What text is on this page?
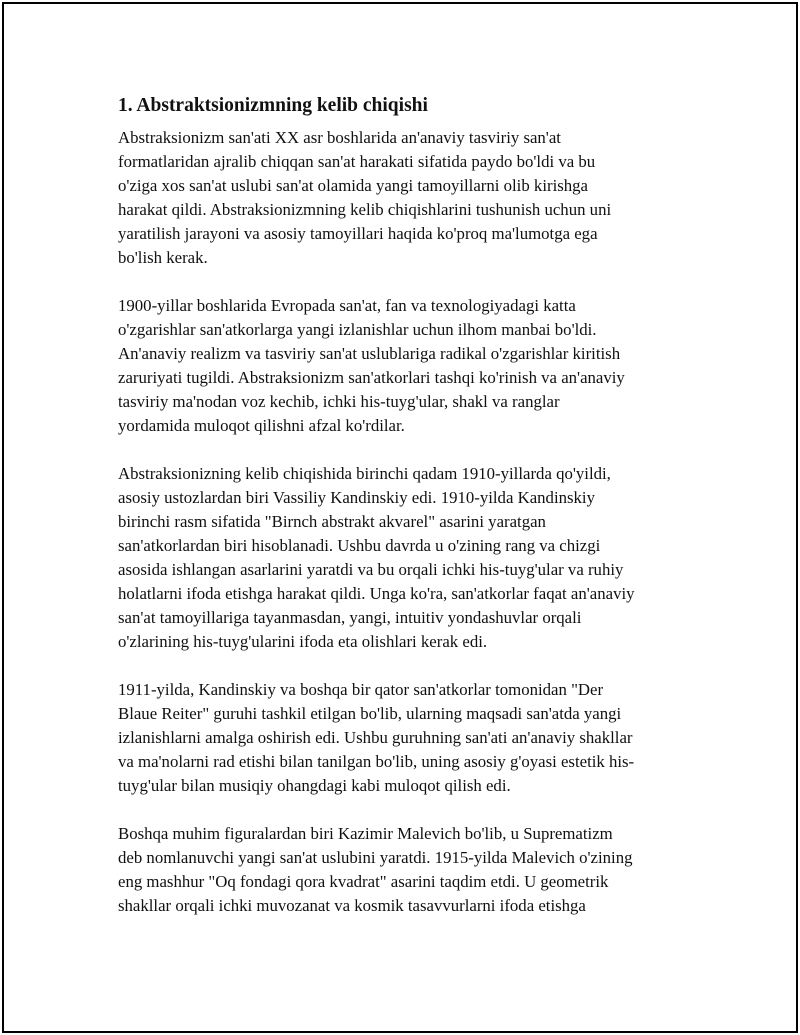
1. Abstraktsionizmning kelib chiqishi

Abstraksionizm san'ati XX asr boshlarida an'anaviy tasviriy san'at
formatlaridan ajralib chiqqan san'at harakati sifatida paydo bo'ldi va bu
o'ziga xos san'at uslubi san'at olamida yangi tamoyillarni olib kirishga
harakat qildi. Abstraksionizmning kelib chiqishlarini tushunish uchun uni
yaratilish jarayoni va asosiy tamoyillari haqida ko'proq ma'lumotga ega
bo'lish kerak.

1900-yillar boshlarida Evropada san'at, fan va texnologiyadagi katta
o'zgarishlar san'atkorlarga yangi izlanishlar uchun ilhom manbai bo'ldi.
An'anaviy realizm va tasviriy san'at uslublariga radikal o'zgarishlar kiritish
zaruriyati tugildi. Abstraksionizm san'atkorlari tashqi ko'rinish va an'anaviy
tasviriy ma'nodan voz kechib, ichki his-tuyg'ular, shakl va ranglar
yordamida muloqot qilishni afzal ko'rdilar.

Abstraksionizning kelib chiqishida birinchi qadam 1910-yillarda qo'yildi,
asosiy ustozlardan biri Vassiliy Kandinskiy edi. 1910-yilda Kandinskiy
birinchi rasm sifatida "Birnch abstrakt akvarel" asarini yaratgan
san'atkorlardan biri hisoblanadi. Ushbu davrda u o'zining rang va chizgi
asosida ishlangan asarlarini yaratdi va bu orqali ichki his-tuyg'ular va ruhiy
holatlarni ifoda etishga harakat qildi. Unga ko'ra, san'atkorlar faqat an'anaviy
san'at tamoyillariga tayanmasdan, yangi, intuitiv yondashuvlar orqali
o'zlarining his-tuyg'ularini ifoda eta olishlari kerak edi.

1911-yilda, Kandinskiy va boshqa bir qator san'atkorlar tomonidan "Der
Blaue Reiter" guruhi tashkil etilgan bo'lib, ularning maqsadi san'atda yangi
izlanishlarni amalga oshirish edi. Ushbu guruhning san'ati an'anaviy shakllar
va ma'nolarni rad etishi bilan tanilgan bo'lib, uning asosiy g'oyasi estetik his-
tuyg'ular bilan musiqiy ohangdagi kabi muloqot qilish edi.

Boshqa muhim figuralardan biri Kazimir Malevich bo'lib, u Suprematizm
deb nomlanuvchi yangi san'at uslubini yaratdi. 1915-yilda Malevich o'zining
eng mashhur "Oq fondagi qora kvadrat" asarini taqdim etdi. U geometrik
shakllar orqali ichki muvozanat va kosmik tasavvurlarni ifoda etishga
